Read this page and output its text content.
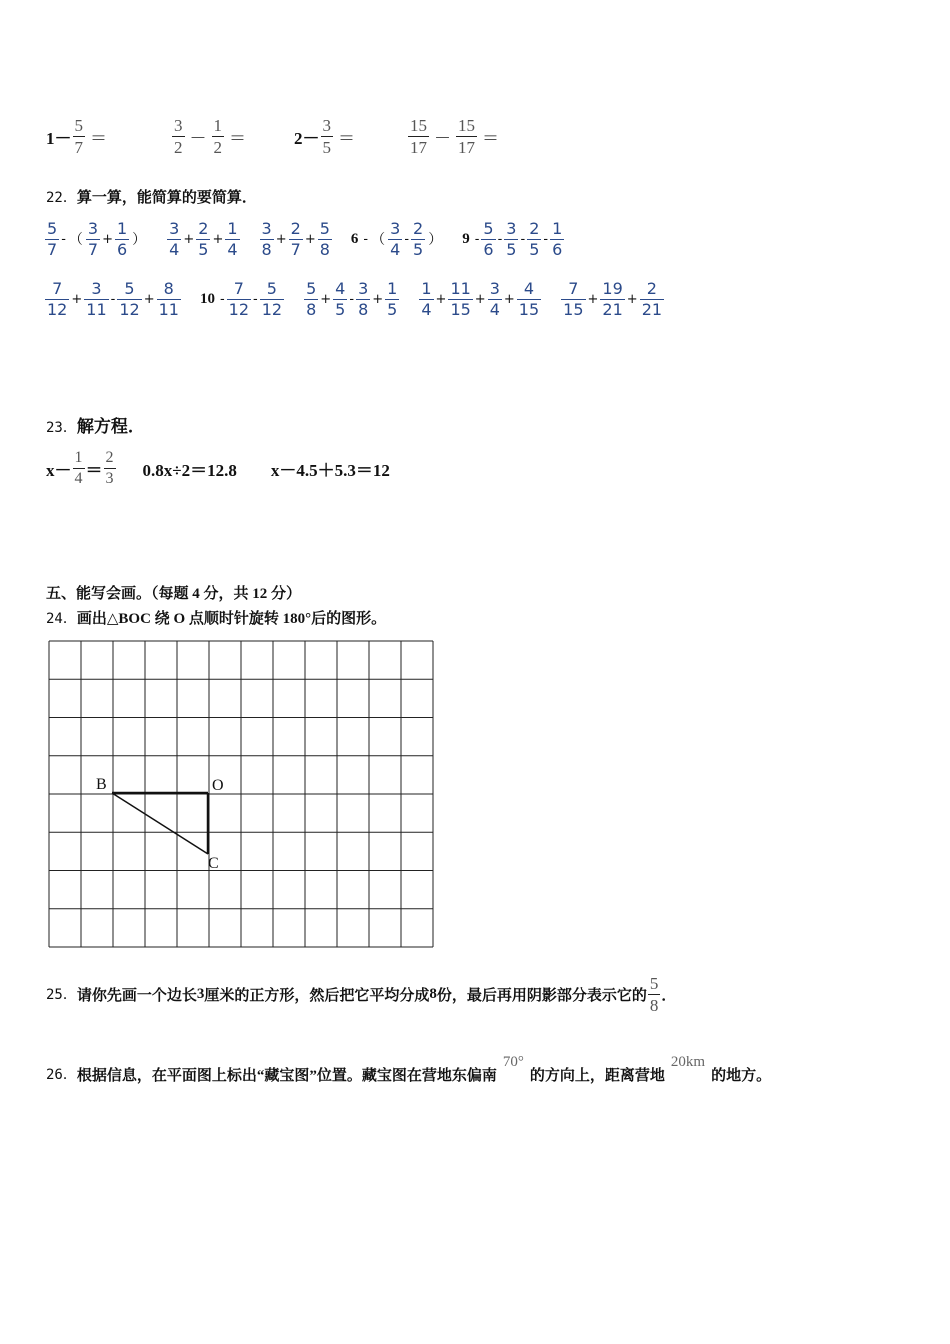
$1- \frac{5}{7}$ ＝	$\frac{3}{2} - \frac{1}{2}$ ＝	$2- \frac{3}{5}$ ＝	$\frac{15}{17} - \frac{15}{17}$ ＝
22．算一算，能简算的要简算．
$\frac{5}{7}$ - （ $\frac{3}{7} + \frac{1}{6}$ ） $\frac{3}{4} + \frac{2}{5} + \frac{1}{4} \frac{3}{8} + \frac{2}{7} + \frac{5}{8} 6$ - （ $\frac{3}{4} - \frac{2}{5}$ ） $9 - \frac{5}{6} - \frac{3}{5} - \frac{2}{5} - \frac{1}{6}$
$\frac{7}{12} + \frac{3}{11} - \frac{5}{12} + \frac{8}{11} 10 - \frac{7}{12} - \frac{5}{12} \frac{5}{8} + \frac{4}{5} - \frac{3}{8} + \frac{1}{5} \frac{1}{4} + \frac{11}{15} + \frac{3}{4} + \frac{4}{15} \frac{7}{15} + \frac{19}{21} + \frac{2}{21}$
23．解方程．
$x- \frac{1}{4} = \frac{2}{3} 0.8x\div 2=12.8$ x－4.5＋5.3＝12
五、能写会画。（每题 4 分，共 12 分）
24．画出△BOC 绕 O 点顺时针旋转 180°后的图形。
B	O
C
25． 请你先画一个边长 3 厘米的正方形，然后把它平均分成 8 份，最后再用阴影部分表示它的 $\frac{5}{8}$ ．
26． 根据信息，在平面图上标出“藏宝图”位置。藏宝图在营地东偏南
70°
的方向上，距离营地
20km
的地方。
